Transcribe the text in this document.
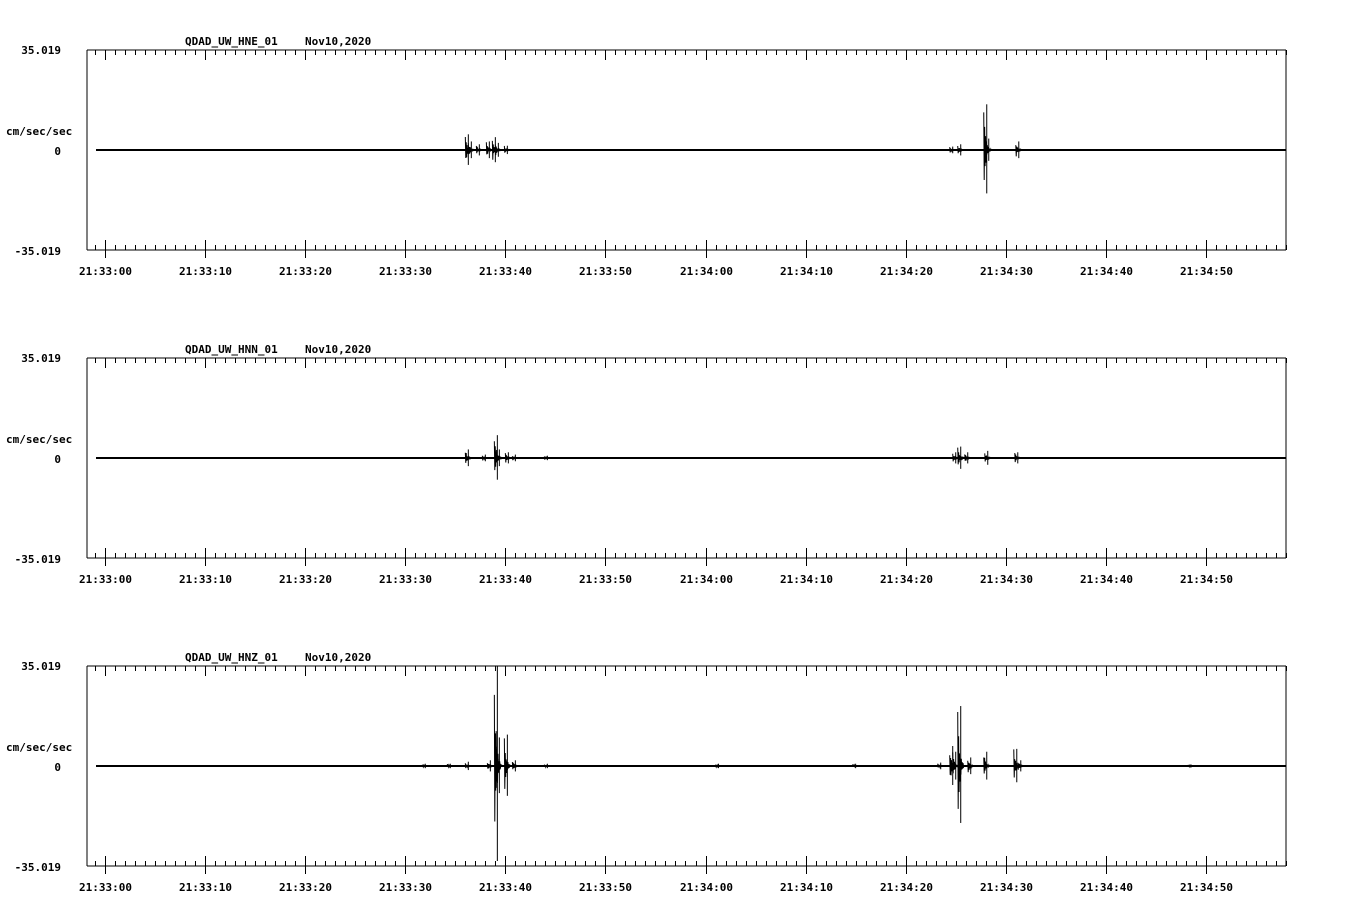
QDAD_UW_HNE_01 Nov10,2020
35.019
0
-35.019
cm/sec/sec
21:33:00	21:33:10	21:33:20	21:33:30	21:33:40	21:33:50	21:34:00	21:34:10	21:34:20	21:34:30	21:34:40	21:34:50
QDAD_UW_HNN_01 Nov10,2020
35.019
0
-35.019
cm/sec/sec
21:33:00	21:33:10	21:33:20	21:33:30	21:33:40	21:33:50	21:34:00	21:34:10	21:34:20	21:34:30	21:34:40	21:34:50
QDAD_UW_HNZ_01 Nov10,2020
35.019
0
-35.019
cm/sec/sec
21:33:00	21:33:10	21:33:20	21:33:30	21:33:40	21:33:50	21:34:00	21:34:10	21:34:20	21:34:30	21:34:40	21:34:50
